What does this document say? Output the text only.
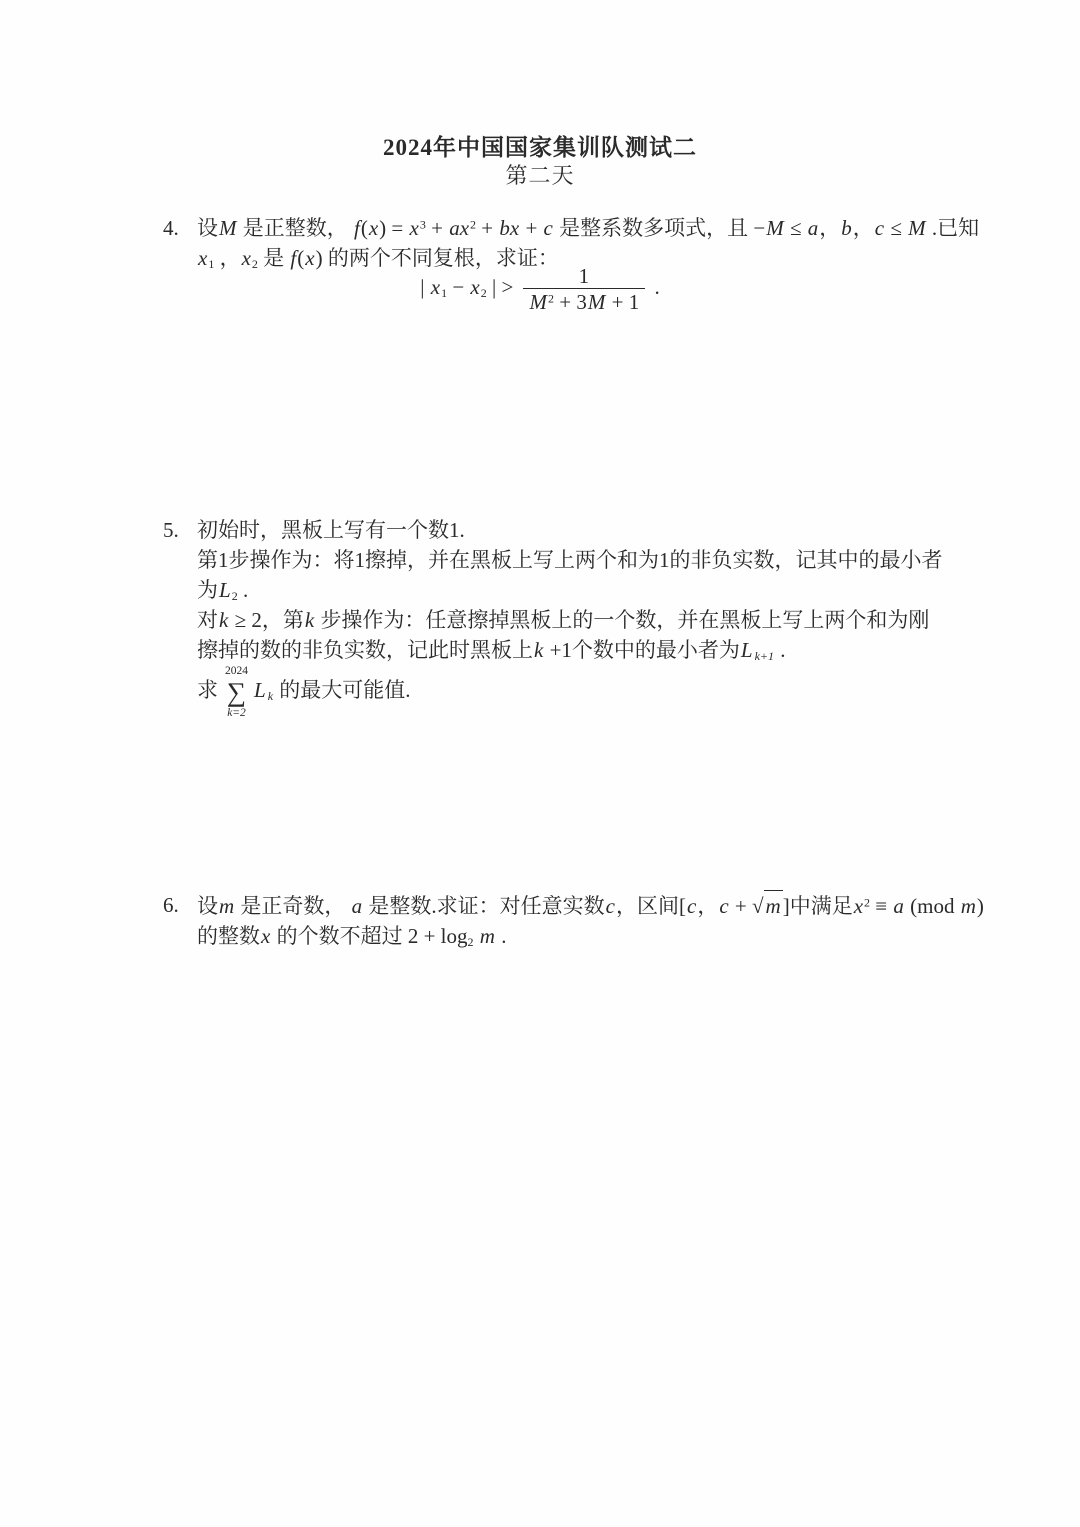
2024年中国国家集训队测试二
第二天
4. 设M 是正整数， $f(x) = x^3 + ax^2$ + bx + c 是整系数多项式，且 −M ≤ a，b，c ≤ M .已知
$x_1$ ，$x_2$ 是 f(x) 的两个不同复根，求证：
| $x_1 - x_2$ | > $\frac{1}{M^2 + 3M + 1}$ .
5. 初始时，黑板上写有一个数1.
第1步操作为：将1擦掉，并在黑板上写上两个和为1的非负实数，记其中的最小者
为$L_2$ .
对k ≥ 2，第k 步操作为：任意擦掉黑板上的一个数，并在黑板上写上两个和为刚
擦掉的数的非负实数，记此时黑板上k +1个数中的最小者为L $_{k+1}$ .
求
2024
∑
k=2
L $_k$ 的最大可能值.
6. 设m 是正奇数， a 是整数.求证：对任意实数c，区间[c，c + √m]中满足$x^2 \equiv a$ (mod m)
的整数x 的个数不超过 $2 + \log_2 m$ .
